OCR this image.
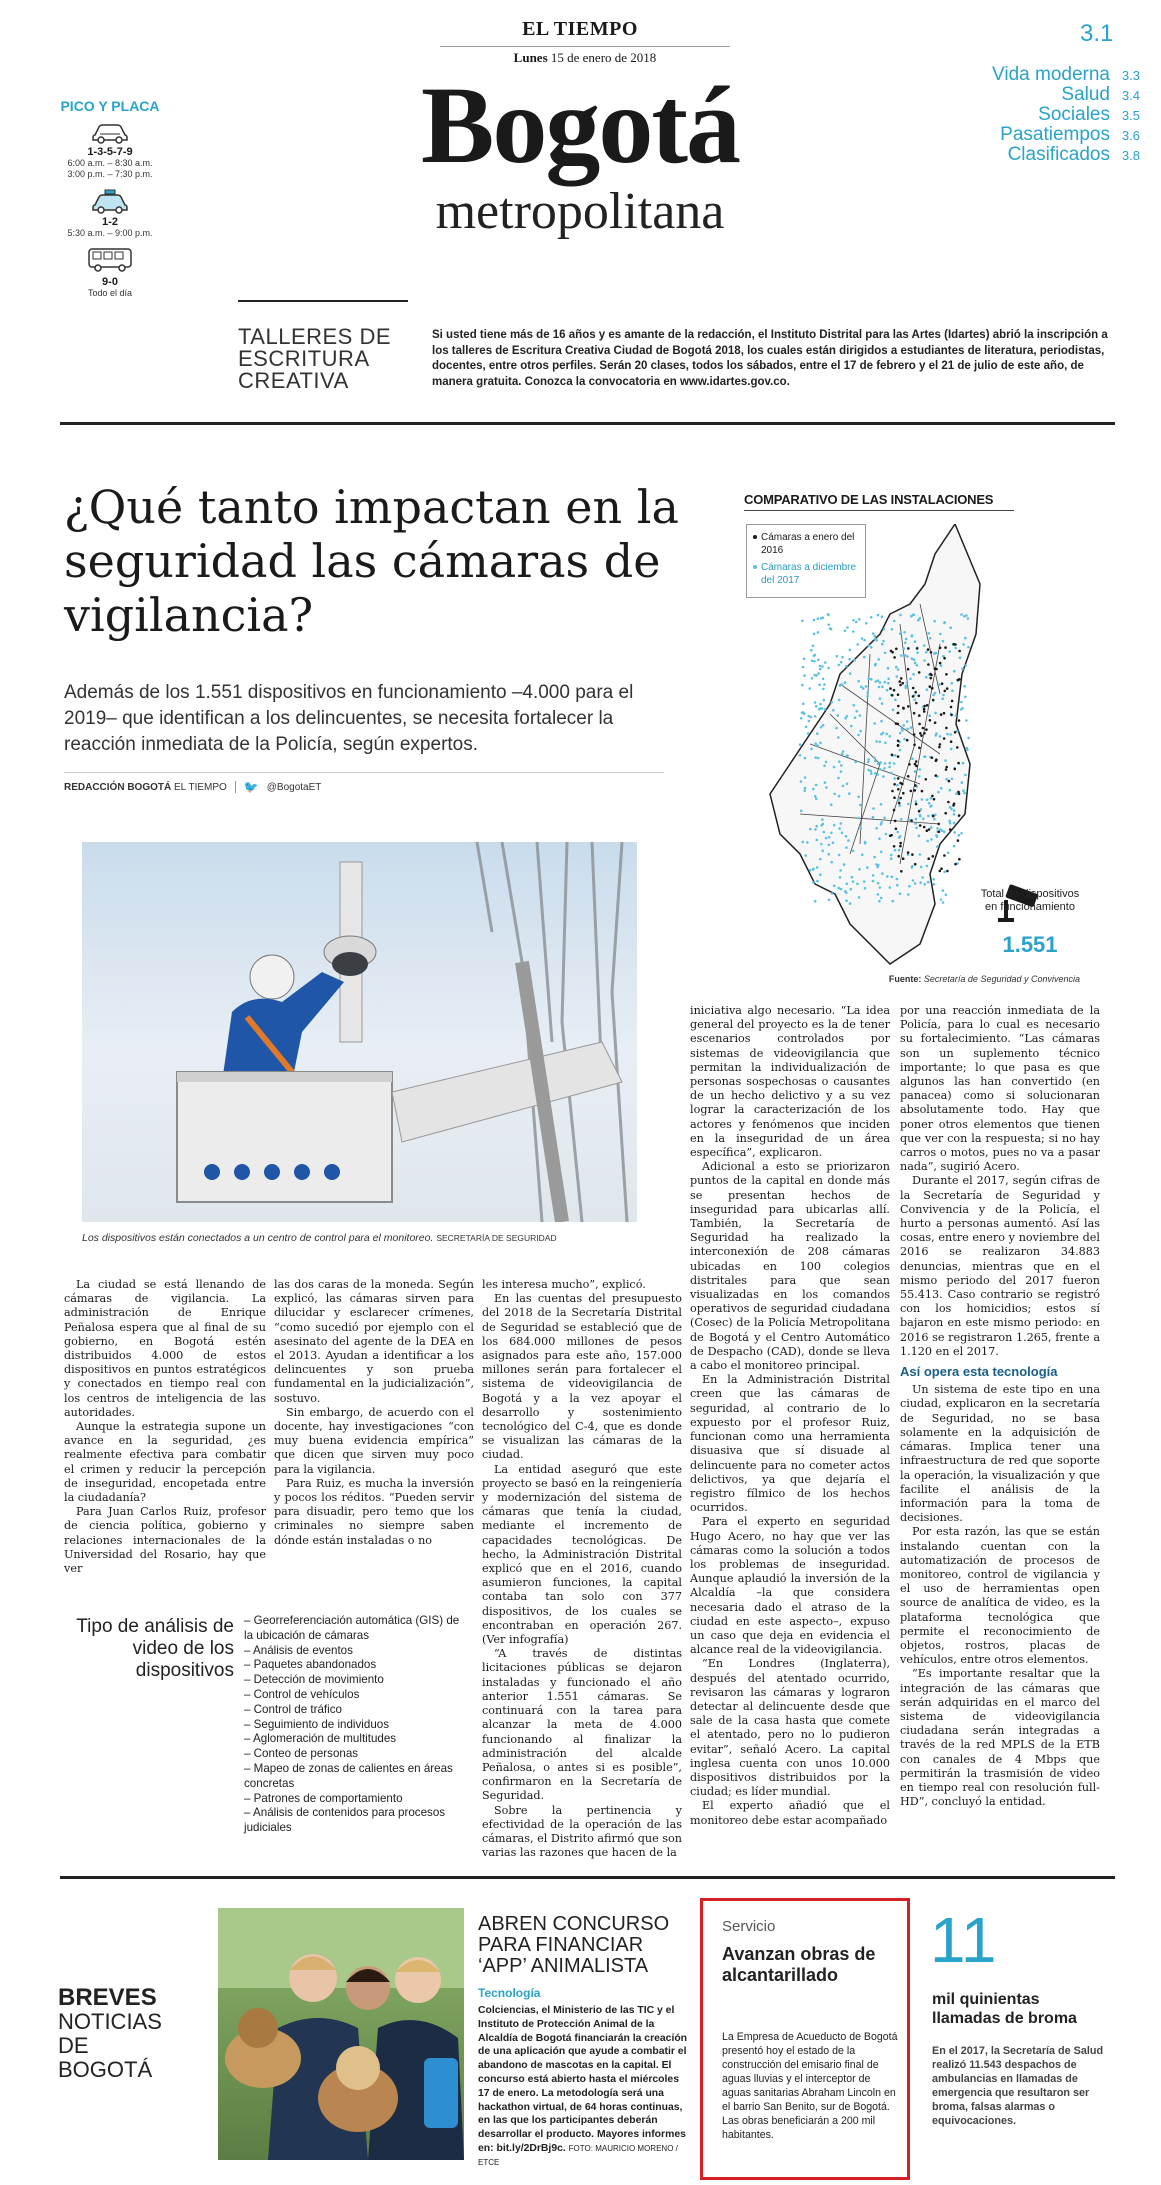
EL TIEMPO
Lunes 15 de enero de 2018
3.1
Bogotá
metropolitana
Vida moderna 3.3
Salud 3.4
Sociales 3.5
Pasatiempos 3.6
Clasificados 3.8
PICO Y PLACA
1-3-5-7-9
6:00 a.m. – 8:30 a.m.
3:00 p.m. – 7:30 p.m.
1-2
5:30 a.m. – 9:00 p.m.
9-0
Todo el día
TALLERES DE
ESCRITURA
CREATIVA
Si usted tiene más de 16 años y es amante de la redacción, el Instituto Distrital para las Artes (Idartes) abrió la inscripción a los talleres de Escritura Creativa Ciudad de Bogotá 2018, los cuales están dirigidos a estudiantes de literatura, periodistas, docentes, entre otros perfiles. Serán 20 clases, todos los sábados, entre el 17 de febrero y el 21 de julio de este año, de manera gratuita. Conozca la convocatoria en www.idartes.gov.co.
¿Qué tanto impactan en la seguridad las cámaras de vigilancia?
Además de los 1.551 dispositivos en funcionamiento –4.000 para el 2019– que identifican a los delincuentes, se necesita fortalecer la reacción inmediata de la Policía, según expertos.
REDACCIÓN BOGOTÁ EL TIEMPO 🐦 @BogotaET
Los dispositivos están conectados a un centro de control para el monitoreo. SECRETARÍA DE SEGURIDAD
COMPARATIVO DE LAS INSTALACIONES
Cámaras a enero del 2016
Cámaras a diciembre del 2017
Total de dispositivos en funcionamiento
1.551
Fuente: Secretaría de Seguridad y Convivencia

La ciudad se está llenando de cámaras de vigilancia. La administración de Enrique Peñalosa espera que al final de su gobierno, en Bogotá estén distribuidos 4.000 de estos dispositivos en puntos estratégicos y conectados en tiempo real con los centros de inteligencia de las autoridades.

Aunque la estrategia supone un avance en la seguridad, ¿es realmente efectiva para combatir el crimen y reducir la percepción de inseguridad, encopetada entre la ciudadanía?

Para Juan Carlos Ruiz, profesor de ciencia política, gobierno y relaciones internacionales de la Universidad del Rosario, hay que ver

las dos caras de la moneda. Según explicó, las cámaras sirven para dilucidar y esclarecer crímenes, “como sucedió por ejemplo con el asesinato del agente de la DEA en el 2013. Ayudan a identificar a los delincuentes y son prueba fundamental en la judicialización”, sostuvo.

Sin embargo, de acuerdo con el docente, hay investigaciones “con muy buena evidencia empírica” que dicen que sirven muy poco para la vigilancia.

Para Ruiz, es mucha la inversión y pocos los réditos. “Pueden servir para disuadir, pero temo que los criminales no siempre saben dónde están instaladas o no

les interesa mucho”, explicó.

En las cuentas del presupuesto del 2018 de la Secretaría Distrital de Seguridad se estableció que de los 684.000 millones de pesos asignados para este año, 157.000 millones serán para fortalecer el sistema de videovigilancia de Bogotá y a la vez apoyar el desarrollo y sostenimiento tecnológico del C-4, que es donde se visualizan las cámaras de la ciudad.

La entidad aseguró que este proyecto se basó en la reingeniería y modernización del sistema de cámaras que tenía la ciudad, mediante el incremento de capacidades tecnológicas. De hecho, la Administración Distrital explicó que en el 2016, cuando asumieron funciones, la capital contaba tan solo con 377 dispositivos, de los cuales se encontraban en operación 267. (Ver infografía)

“A través de distintas licitaciones públicas se dejaron instaladas y funcionado el año anterior 1.551 cámaras. Se continuará con la tarea para alcanzar la meta de 4.000 funcionando al finalizar la administración del alcalde Peñalosa, o antes si es posible”, confirmaron en la Secretaría de Seguridad.

Sobre la pertinencia y efectividad de la operación de las cámaras, el Distrito afirmó que son varias las razones que hacen de la

iniciativa algo necesario. “La idea general del proyecto es la de tener escenarios controlados por sistemas de videovigilancia que permitan la individualización de personas sospechosas o causantes de un hecho delictivo y a su vez lograr la caracterización de los actores y fenómenos que inciden en la inseguridad de un área específica”, explicaron.

Adicional a esto se priorizaron puntos de la capital en donde más se presentan hechos de inseguridad para ubicarlas allí. También, la Secretaría de Seguridad ha realizado la interconexión de 208 cámaras ubicadas en 100 colegios distritales para que sean visualizadas en los comandos operativos de seguridad ciudadana (Cosec) de la Policía Metropolitana de Bogotá y el Centro Automático de Despacho (CAD), donde se lleva a cabo el monitoreo principal.

En la Administración Distrital creen que las cámaras de seguridad, al contrario de lo expuesto por el profesor Ruiz, funcionan como una herramienta disuasiva que sí disuade al delincuente para no cometer actos delictivos, ya que dejaría el registro fílmico de los hechos ocurridos.

Para el experto en seguridad Hugo Acero, no hay que ver las cámaras como la solución a todos los problemas de inseguridad. Aunque aplaudió la inversión de la Alcaldía –la que considera necesaria dado el atraso de la ciudad en este aspecto–, expuso un caso que deja en evidencia el alcance real de la videovigilancia.

“En Londres (Inglaterra), después del atentado ocurrido, revisaron las cámaras y lograron detectar al delincuente desde que sale de la casa hasta que comete el atentado, pero no lo pudieron evitar”, señaló Acero. La capital inglesa cuenta con unos 10.000 dispositivos distribuidos por la ciudad; es líder mundial.

El experto añadió que el monitoreo debe estar acompañado

por una reacción inmediata de la Policía, para lo cual es necesario su fortalecimiento. “Las cámaras son un suplemento técnico importante; lo que pasa es que algunos las han convertido (en panacea) como si solucionaran absolutamente todo. Hay que poner otros elementos que tienen que ver con la respuesta; si no hay carros o motos, pues no va a pasar nada”, sugirió Acero.

Durante el 2017, según cifras de la Secretaría de Seguridad y Convivencia y de la Policía, el hurto a personas aumentó. Así las cosas, entre enero y noviembre del 2016 se realizaron 34.883 denuncias, mientras que en el mismo periodo del 2017 fueron 55.413. Caso contrario se registró con los homicidios; estos sí bajaron en este mismo periodo: en 2016 se registraron 1.265, frente a 1.120 en el 2017.

Así opera esta tecnología

Un sistema de este tipo en una ciudad, explicaron en la secretaría de Seguridad, no se basa solamente en la adquisición de cámaras. Implica tener una infraestructura de red que soporte la operación, la visualización y que facilite el análisis de la información para la toma de decisiones.

Por esta razón, las que se están instalando cuentan con la automatización de procesos de monitoreo, control de vigilancia y el uso de herramientas open source de analítica de video, es la plataforma tecnológica que permite el reconocimiento de objetos, rostros, placas de vehículos, entre otros elementos.

“Es importante resaltar que la integración de las cámaras que serán adquiridas en el marco del sistema de videovigilancia ciudadana serán integradas a través de la red MPLS de la ETB con canales de 4 Mbps que permitirán la trasmisión de video en tiempo real con resolución full-HD”, concluyó la entidad.

Tipo de análisis de video de los dispositivos
– Georreferenciación automática (GIS) de la ubicación de cámaras
– Análisis de eventos
– Paquetes abandonados
– Detección de movimiento
– Control de vehículos
– Control de tráfico
– Seguimiento de individuos
– Aglomeración de multitudes
– Conteo de personas
– Mapeo de zonas de calientes en áreas concretas
– Patrones de comportamiento
– Análisis de contenidos para procesos judiciales
BREVES
NOTICIAS
DE BOGOTÁ
ABREN CONCURSO PARA FINANCIAR ‘APP’ ANIMALISTA
Tecnología
Colciencias, el Ministerio de las TIC y el Instituto de Protección Animal de la Alcaldía de Bogotá financiarán la creación de una aplicación que ayude a combatir el abandono de mascotas en la capital. El concurso está abierto hasta el miércoles 17 de enero. La metodología será una hackathon virtual, de 64 horas continuas, en las que los participantes deberán desarrollar el producto. Mayores informes en: bit.ly/2DrBj9c. FOTO: MAURICIO MORENO / ETCE
Servicio
Avanzan obras de alcantarillado
La Empresa de Acueducto de Bogotá presentó hoy el estado de la construcción del emisario final de aguas lluvias y el interceptor de aguas sanitarias Abraham Lincoln en el barrio San Benito, sur de Bogotá. Las obras beneficiarán a 200 mil habitantes.
11
mil quinientas llamadas de broma
En el 2017, la Secretaría de Salud realizó 11.543 despachos de ambulancias en llamadas de emergencia que resultaron ser broma, falsas alarmas o equivocaciones.
